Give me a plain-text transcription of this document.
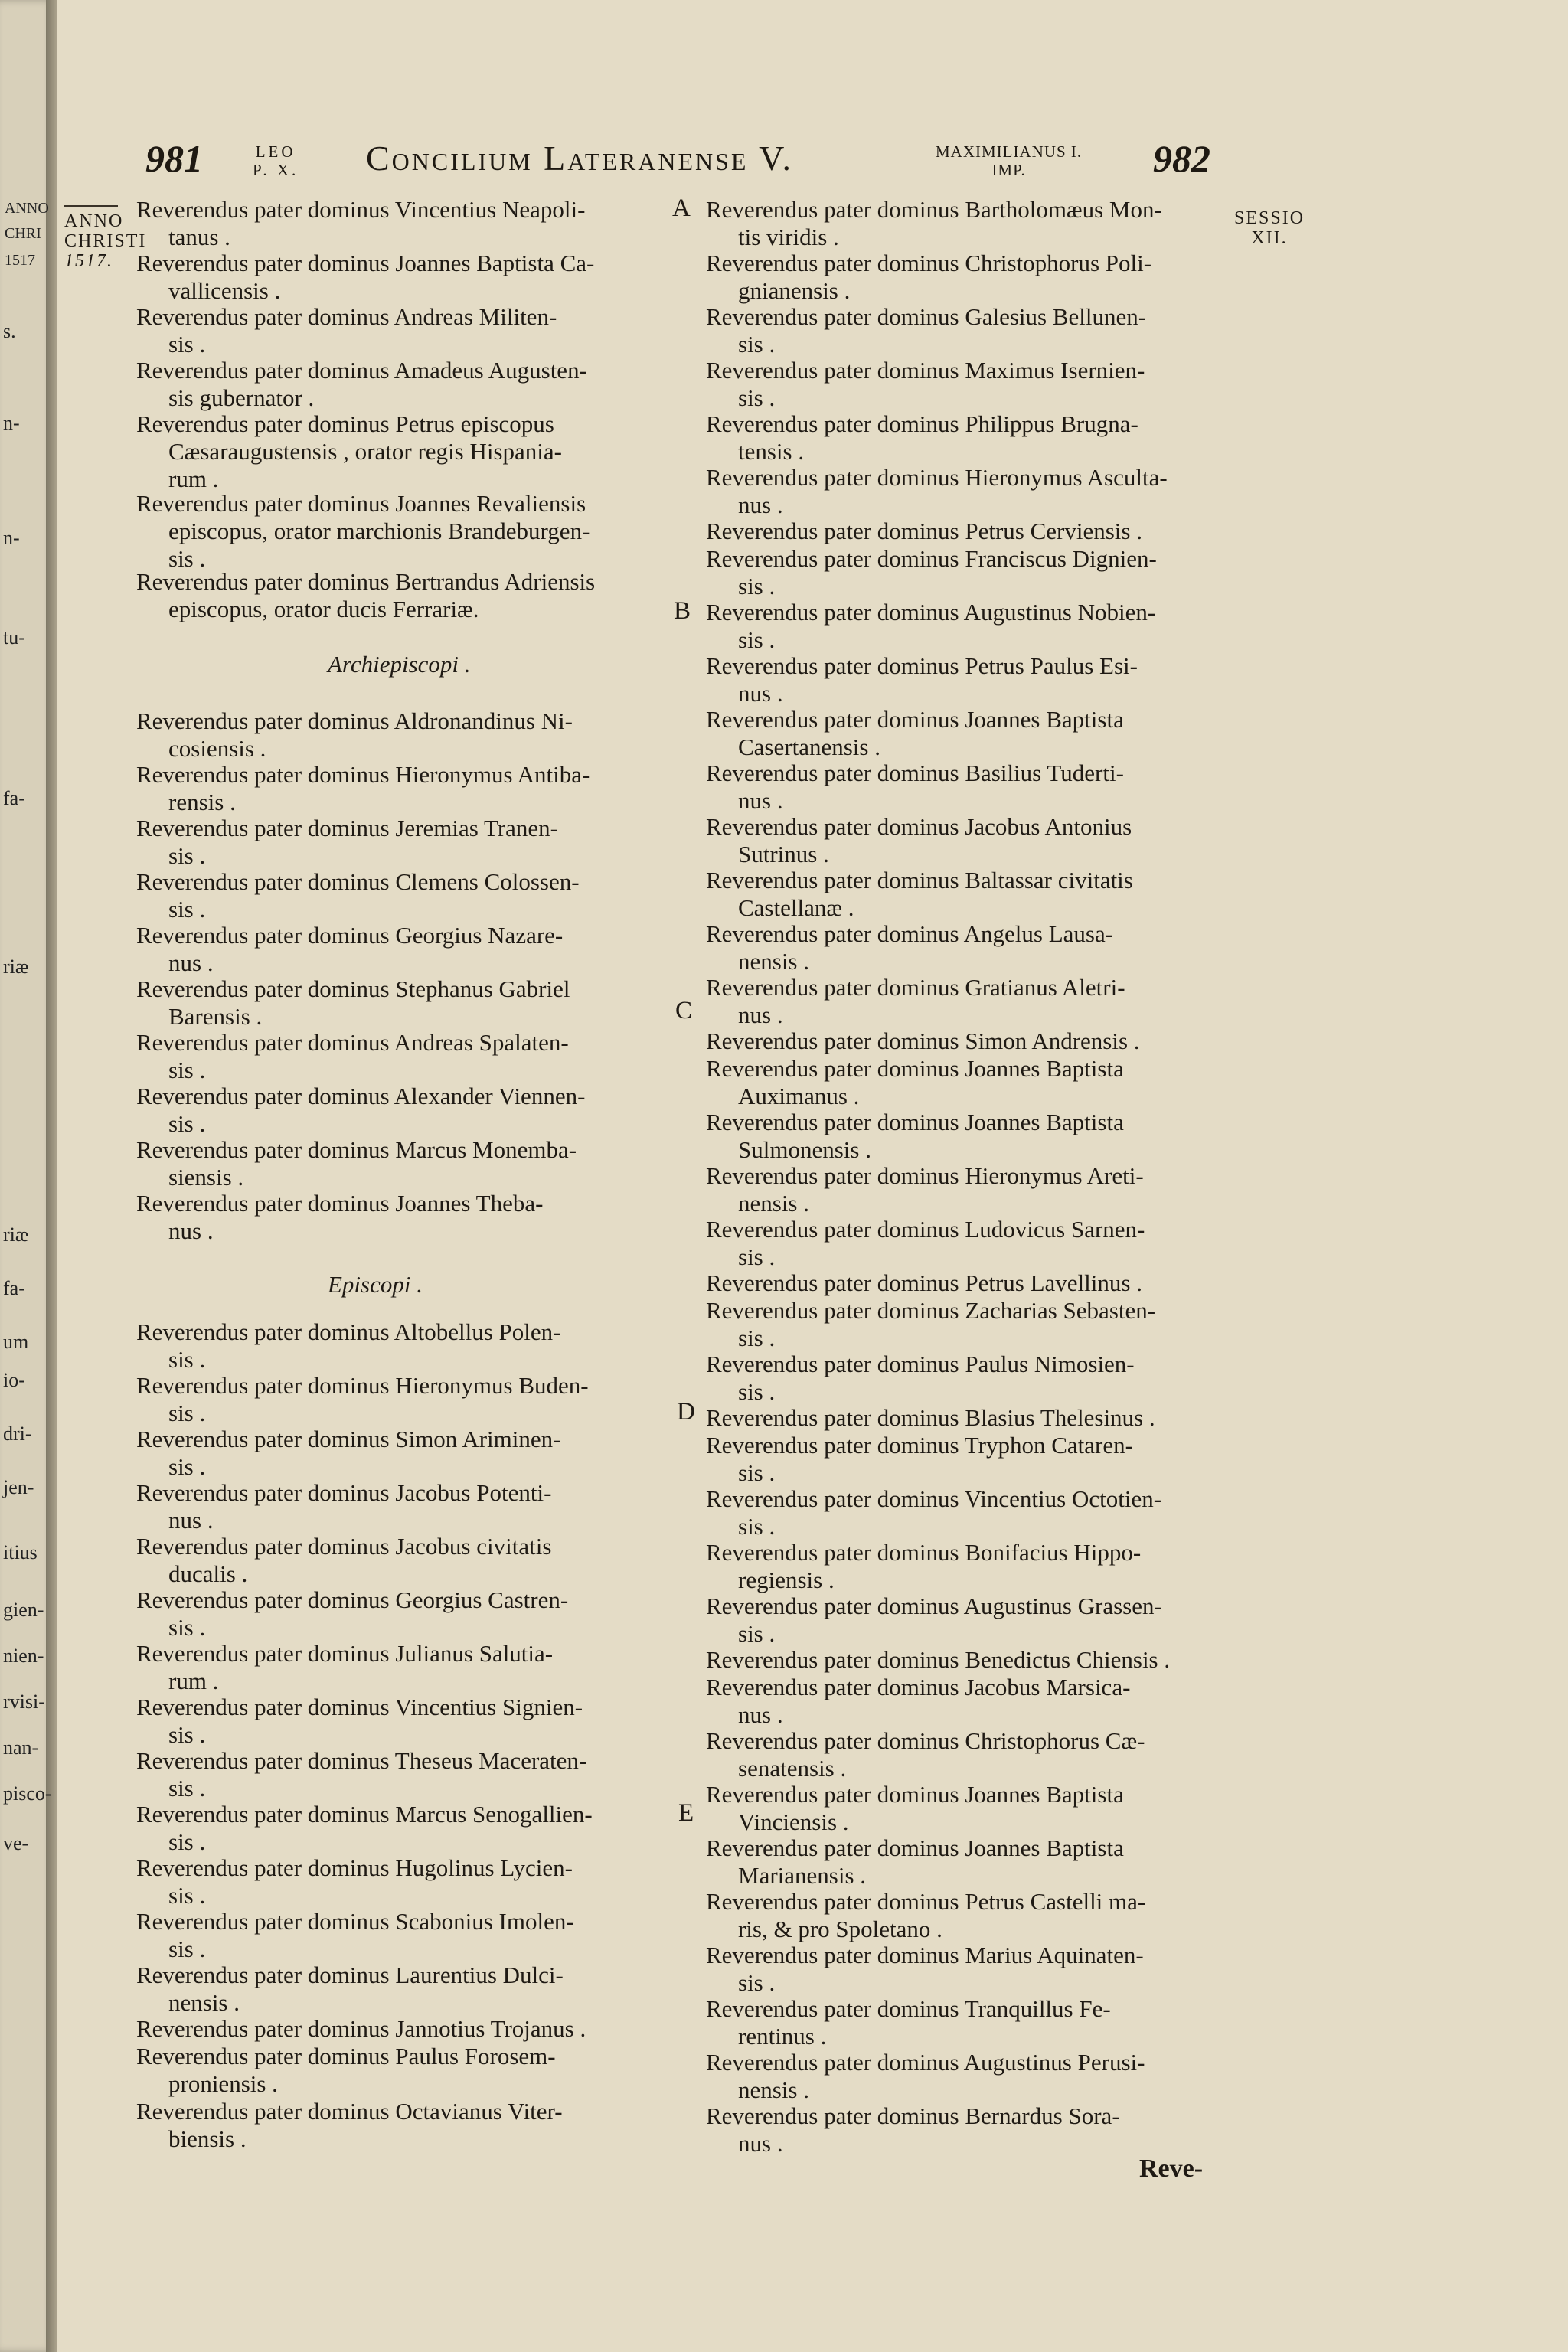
ANNO
CHRI
1517
s.
n-
n-
tu-
fa-
riæ
riæ
fa-
um
io-
dri-
jen-
itius
gien-
nien-
rvisi-
nan-
pisco-
ve-
981	LEO
P. X. Concilium Lateranense V.	MAXIMILIANUS I.
IMP.	982
ANNO
CHRISTI
1517.
SESSIO
XII.
Reverendus pater dominus Vincentius Neapoli-
tanus .
Reverendus pater dominus Joannes Baptista Ca-
vallicensis .
Reverendus pater dominus Andreas Militen-
sis .
Reverendus pater dominus Amadeus Augusten-
sis gubernator .
Reverendus pater dominus Petrus episcopus
Cæsaraugustensis , orator regis Hispania-
rum .
Reverendus pater dominus Joannes Revaliensis
episcopus, orator marchionis Brandeburgen-
sis .
Reverendus pater dominus Bertrandus Adriensis
episcopus, orator ducis Ferrariæ.
Archiepiscopi .
Reverendus pater dominus Aldronandinus Ni-
cosiensis .
Reverendus pater dominus Hieronymus Antiba-
rensis .
Reverendus pater dominus Jeremias Tranen-
sis .
Reverendus pater dominus Clemens Colossen-
sis .
Reverendus pater dominus Georgius Nazare-
nus .
Reverendus pater dominus Stephanus Gabriel
Barensis .
Reverendus pater dominus Andreas Spalaten-
sis .
Reverendus pater dominus Alexander Viennen-
sis .
Reverendus pater dominus Marcus Monemba-
siensis .
Reverendus pater dominus Joannes Theba-
nus .
Episcopi .
Reverendus pater dominus Altobellus Polen-
sis .
Reverendus pater dominus Hieronymus Buden-
sis .
Reverendus pater dominus Simon Ariminen-
sis .
Reverendus pater dominus Jacobus Potenti-
nus .
Reverendus pater dominus Jacobus civitatis
ducalis .
Reverendus pater dominus Georgius Castren-
sis .
Reverendus pater dominus Julianus Salutia-
rum .
Reverendus pater dominus Vincentius Signien-
sis .
Reverendus pater dominus Theseus Maceraten-
sis .
Reverendus pater dominus Marcus Senogallien-
sis .
Reverendus pater dominus Hugolinus Lycien-
sis .
Reverendus pater dominus Scabonius Imolen-
sis .
Reverendus pater dominus Laurentius Dulci-
nensis .
Reverendus pater dominus Jannotius Trojanus .
Reverendus pater dominus Paulus Forosem-
proniensis .
Reverendus pater dominus Octavianus Viter-
biensis .
Reverendus pater dominus Bartholomæus Mon-
tis viridis .
Reverendus pater dominus Christophorus Poli-
gnianensis .
Reverendus pater dominus Galesius Bellunen-
sis .
Reverendus pater dominus Maximus Isernien-
sis .
Reverendus pater dominus Philippus Brugna-
tensis .
Reverendus pater dominus Hieronymus Asculta-
nus .
Reverendus pater dominus Petrus Cerviensis .
Reverendus pater dominus Franciscus Dignien-
sis .
Reverendus pater dominus Augustinus Nobien-
sis .
Reverendus pater dominus Petrus Paulus Esi-
nus .
Reverendus pater dominus Joannes Baptista
Casertanensis .
Reverendus pater dominus Basilius Tuderti-
nus .
Reverendus pater dominus Jacobus Antonius
Sutrinus .
Reverendus pater dominus Baltassar civitatis
Castellanæ .
Reverendus pater dominus Angelus Lausa-
nensis .
Reverendus pater dominus Gratianus Aletri-
nus .
Reverendus pater dominus Simon Andrensis .
Reverendus pater dominus Joannes Baptista
Auximanus .
Reverendus pater dominus Joannes Baptista
Sulmonensis .
Reverendus pater dominus Hieronymus Areti-
nensis .
Reverendus pater dominus Ludovicus Sarnen-
sis .
Reverendus pater dominus Petrus Lavellinus .
Reverendus pater dominus Zacharias Sebasten-
sis .
Reverendus pater dominus Paulus Nimosien-
sis .
Reverendus pater dominus Blasius Thelesinus .
Reverendus pater dominus Tryphon Cataren-
sis .
Reverendus pater dominus Vincentius Octotien-
sis .
Reverendus pater dominus Bonifacius Hippo-
regiensis .
Reverendus pater dominus Augustinus Grassen-
sis .
Reverendus pater dominus Benedictus Chiensis .
Reverendus pater dominus Jacobus Marsica-
nus .
Reverendus pater dominus Christophorus Cæ-
senatensis .
Reverendus pater dominus Joannes Baptista
Vinciensis .
Reverendus pater dominus Joannes Baptista
Marianensis .
Reverendus pater dominus Petrus Castelli ma-
ris, & pro Spoletano .
Reverendus pater dominus Marius Aquinaten-
sis .
Reverendus pater dominus Tranquillus Fe-
rentinus .
Reverendus pater dominus Augustinus Perusi-
nensis .
Reverendus pater dominus Bernardus Sora-
nus .
A
B
C
D
E
Reve-
